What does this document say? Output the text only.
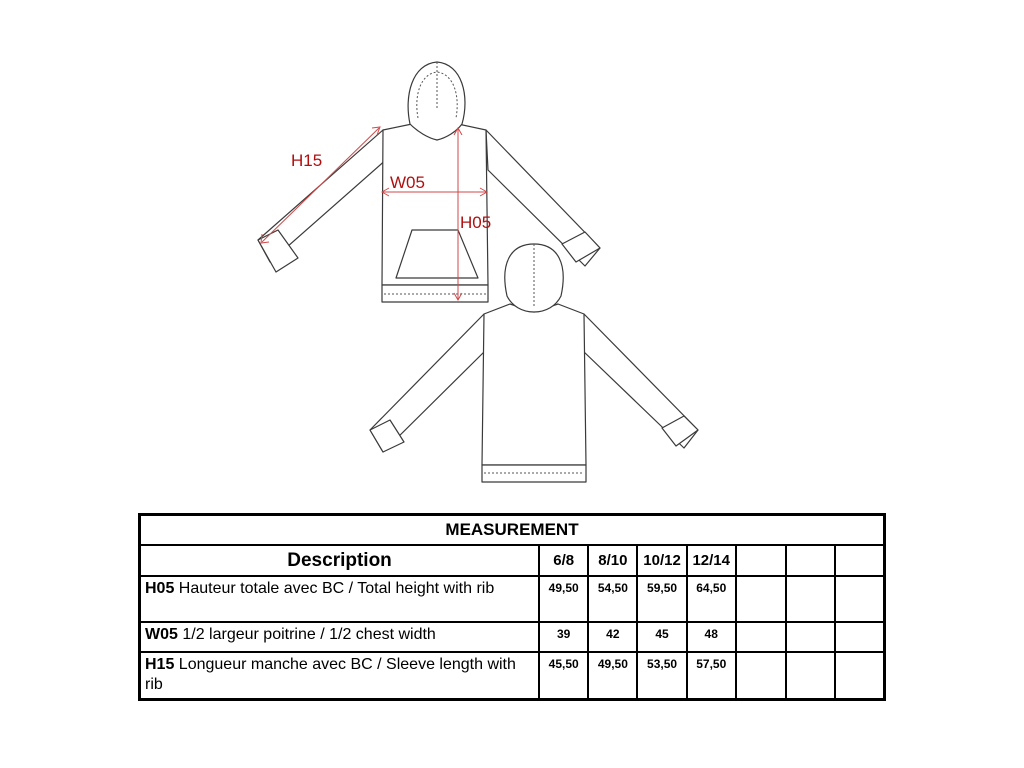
H15
W05
H05
MEASUREMENT							
Description	6/8	8/10	10/12	12/14			
H05 Hauteur totale avec BC / Total height with rib	49,50	54,50	59,50	64,50			
W05 1/2 largeur poitrine / 1/2 chest width	39	42	45	48			
H15 Longueur manche avec BC / Sleeve length with rib	45,50	49,50	53,50	57,50			
